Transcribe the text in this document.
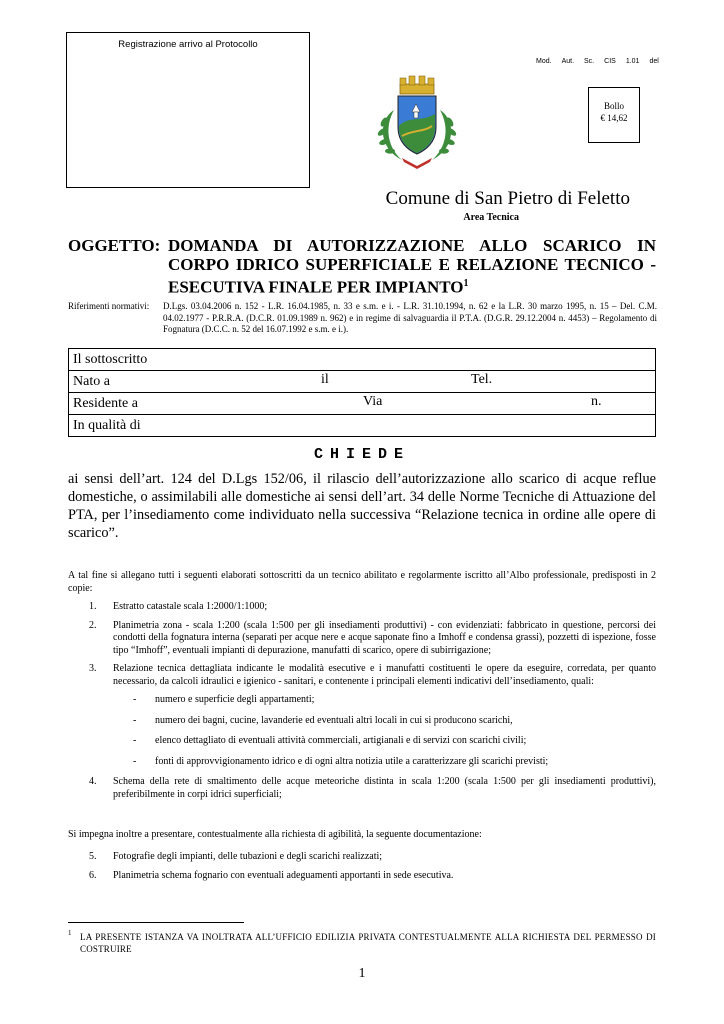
Registrazione arrivo al Protocollo
Mod. Aut. Sc. CIS 1.01 del
Bollo
€ 14,62
Comune di San Pietro di Feletto
Area Tecnica
OGGETTO: DOMANDA DI AUTORIZZAZIONE ALLO SCARICO IN
CORPO IDRICO SUPERFICIALE E RELAZIONE TECNICO -
ESECUTIVA FINALE PER IMPIANTO$^1$
Riferimenti normativi: D.Lgs. 03.04.2006 n. 152 - L.R. 16.04.1985, n. 33 e s.m. e i. - L.R. 31.10.1994, n. 62 e la L.R. 30 marzo 1995, n. 15 – Del. C.M. 04.02.1977 - P.R.R.A. (D.C.R. 01.09.1989 n. 962) e in regime di salvaguardia il P.T.A. (D.G.R. 29.12.2004 n. 4453) – Regolamento di Fognatura (D.C.C. n. 52 del 16.07.1992 e s.m. e i.).
Il sottoscritto
Nato a	il	Tel.

Residente a	Via	n.

In qualità di
CHIEDE
ai sensi dell’art. 124 del D.Lgs 152/06, il rilascio dell’autorizzazione allo scarico di acque reflue domestiche, o assimilabili alle domestiche ai sensi dell’art. 34 delle Norme Tecniche di Attuazione del PTA, per l’insediamento come individuato nella successiva “Relazione tecnica in ordine alle opere di scarico”.
A tal fine si allegano tutti i seguenti elaborati sottoscritti da un tecnico abilitato e regolarmente iscritto all’Albo professionale, predisposti in 2 copie:
1. Estratto catastale scala 1:2000/1:1000;
2. Planimetria zona - scala 1:200 (scala 1:500 per gli insediamenti produttivi) - con evidenziati: fabbricato in questione, percorsi dei condotti della fognatura interna (separati per acque nere e acque saponate fino a Imhoff e condensa grassi), pozzetti di ispezione, fosse tipo “Imhoff”, eventuali impianti di depurazione, manufatti di scarico, opere di subirrigazione;
3. Relazione tecnica dettagliata indicante le modalità esecutive e i manufatti costituenti le opere da eseguire, corredata, per quanto necessario, da calcoli idraulici e igienico - sanitari, e contenente i principali elementi indicativi dell’insediamento, quali:
- numero e superficie degli appartamenti;
- numero dei bagni, cucine, lavanderie ed eventuali altri locali in cui si producono scarichi,
- elenco dettagliato di eventuali attività commerciali, artigianali e di servizi con scarichi civili;
- fonti di approvvigionamento idrico e di ogni altra notizia utile a caratterizzare gli scarichi previsti;
4. Schema della rete di smaltimento delle acque meteoriche distinta in scala 1:200 (scala 1:500 per gli insediamenti produttivi), preferibilmente in corpi idrici superficiali;
Si impegna inoltre a presentare, contestualmente alla richiesta di agibilità, la seguente documentazione:
5. Fotografie degli impianti, delle tubazioni e degli scarichi realizzati;
6. Planimetria schema fognario con eventuali adeguamenti apportanti in sede esecutiva.
1 LA PRESENTE ISTANZA VA INOLTRATA ALL’UFFICIO EDILIZIA PRIVATA CONTESTUALMENTE ALLA RICHIESTA DEL PERMESSO DI COSTRUIRE
1
